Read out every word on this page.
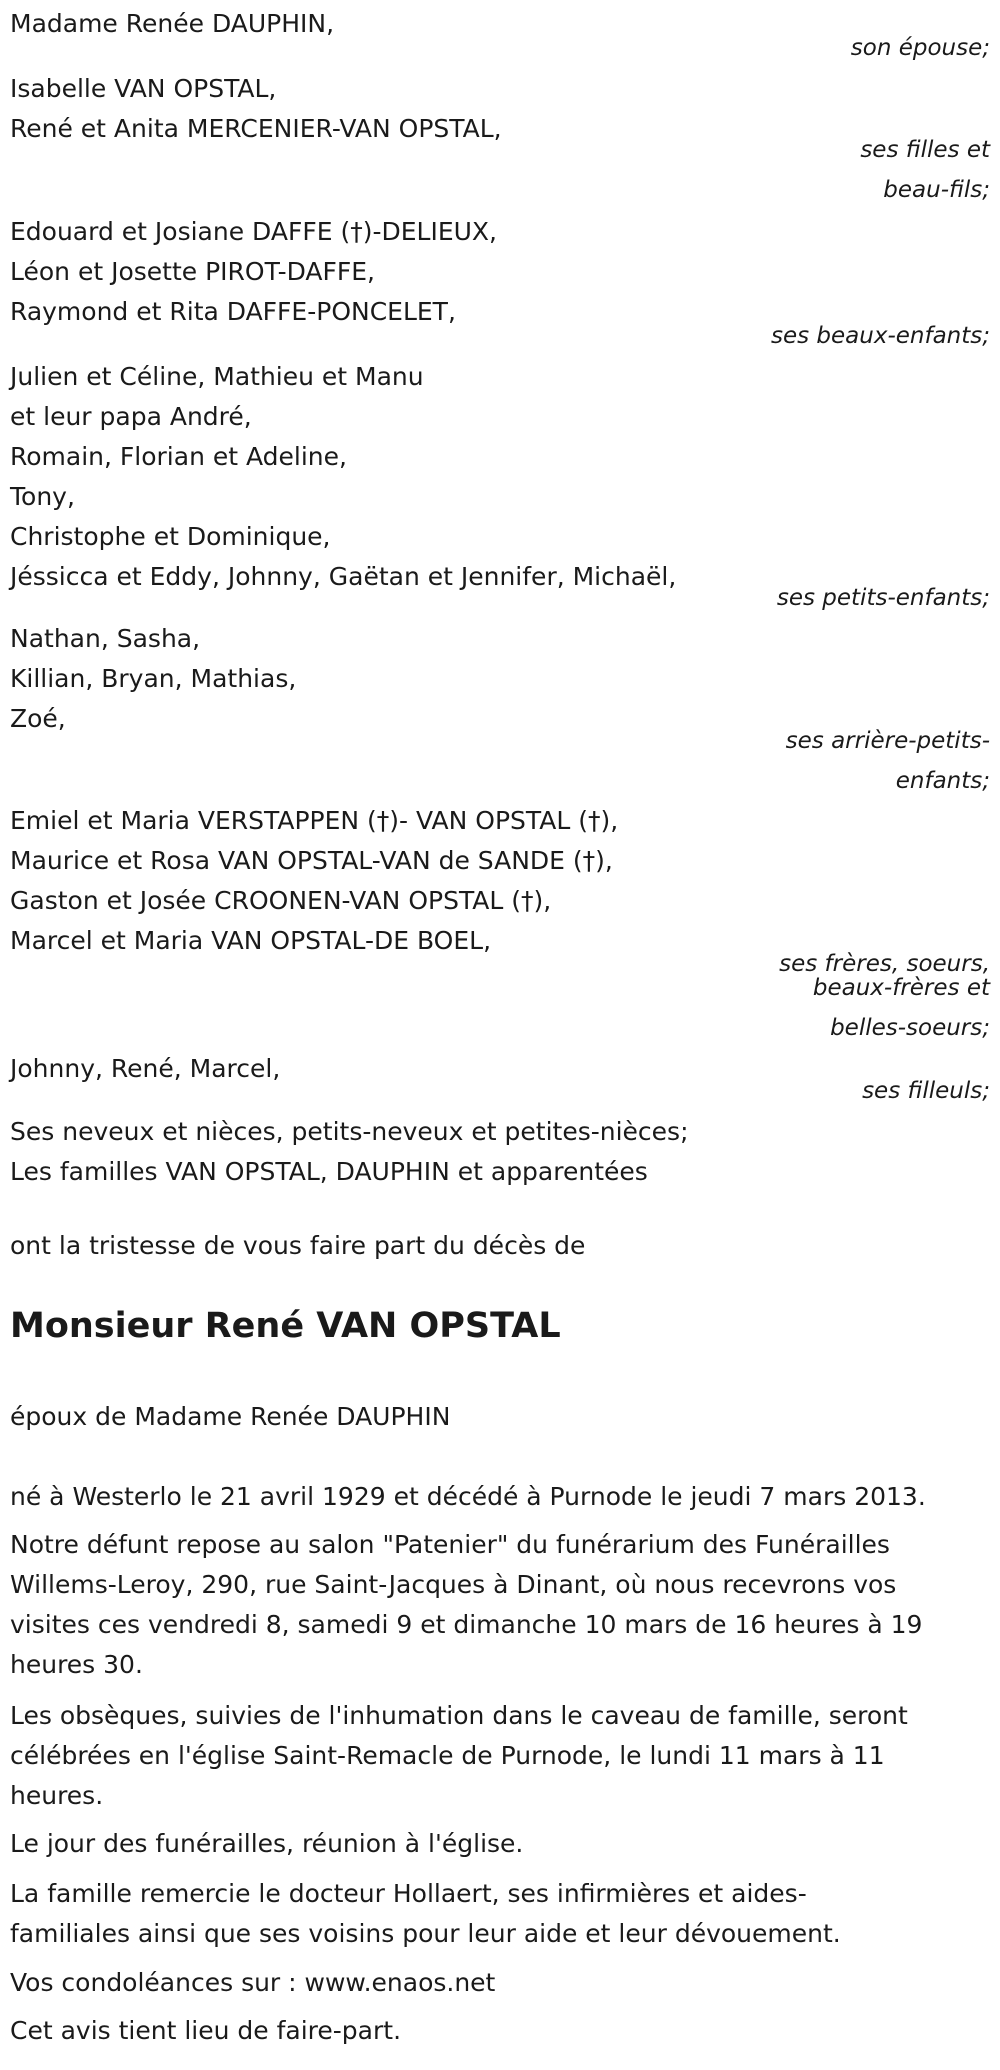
Madame Renée DAUPHIN,

son épouse;

Isabelle VAN OPSTAL,

René et Anita MERCENIER-VAN OPSTAL,

ses filles et

beau-fils;

Edouard et Josiane DAFFE (†)-DELIEUX,

Léon et Josette PIROT-DAFFE,

Raymond et Rita DAFFE-PONCELET,

ses beaux-enfants;

Julien et Céline, Mathieu et Manu

et leur papa André,

Romain, Florian et Adeline,

Tony,

Christophe et Dominique,

Jéssicca et Eddy, Johnny, Gaëtan et Jennifer, Michaël,

ses petits-enfants;

Nathan, Sasha,

Killian, Bryan, Mathias,

Zoé,

ses arrière-petits-

enfants;

Emiel et Maria VERSTAPPEN (†)- VAN OPSTAL (†),

Maurice et Rosa VAN OPSTAL-VAN de SANDE (†),

Gaston et Josée CROONEN-VAN OPSTAL (†),

Marcel et Maria VAN OPSTAL-DE BOEL,

ses frères, soeurs,

beaux-frères et

belles-soeurs;

Johnny, René, Marcel,

ses filleuls;

Ses neveux et nièces, petits-neveux et petites-nièces;

Les familles VAN OPSTAL, DAUPHIN et apparentées

ont la tristesse de vous faire part du décès de

Monsieur René VAN OPSTAL

époux de Madame Renée DAUPHIN

né à Westerlo le 21 avril 1929 et décédé à Purnode le jeudi 7 mars 2013.

Notre défunt repose au salon "Patenier" du funérarium des Funérailles

Willems-Leroy, 290, rue Saint-Jacques à Dinant, où nous recevrons vos

visites ces vendredi 8, samedi 9 et dimanche 10 mars de 16 heures à 19

heures 30.

Les obsèques, suivies de l'inhumation dans le caveau de famille, seront

célébrées en l'église Saint-Remacle de Purnode, le lundi 11 mars à 11

heures.

Le jour des funérailles, réunion à l'église.

La famille remercie le docteur Hollaert, ses infirmières et aides-

familiales ainsi que ses voisins pour leur aide et leur dévouement.

Vos condoléances sur : www.enaos.net

Cet avis tient lieu de faire-part.
